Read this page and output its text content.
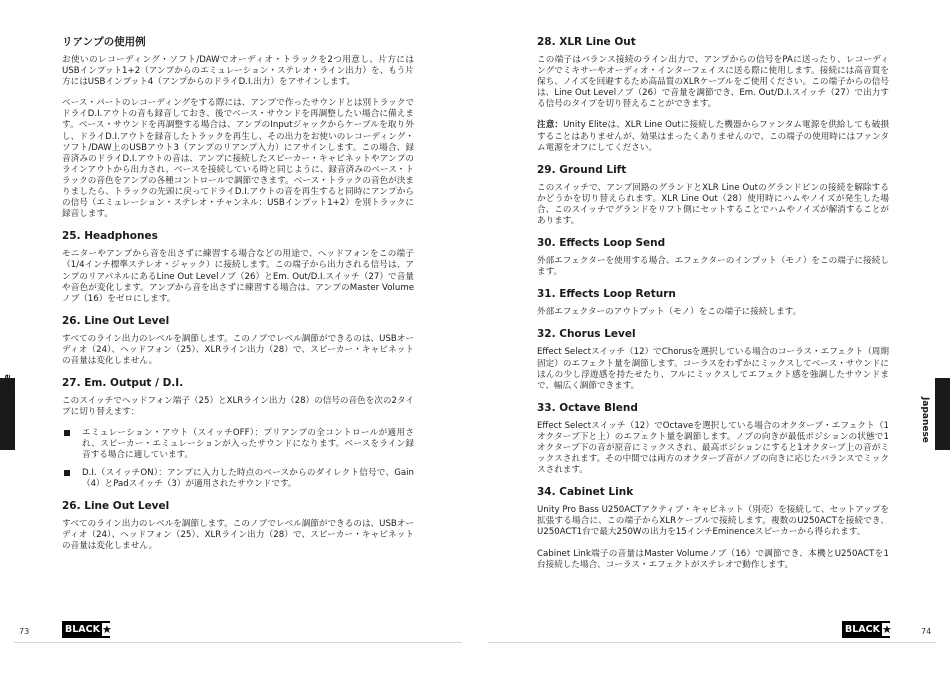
リアンプの使用例
お使いのレコーディング・ソフト/DAWでオーディオ・トラックを2つ用意し、片方にはUSBインプット1+2（アンプからのエミュレーション・ステレオ・ライン出力）を、もう片方にはUSBインプット4（アンプからのドライD.I.出力）をアサインします。
ベース・パートのレコーディングをする際には、アンプで作ったサウンドとは別トラックでドライD.I.アウトの音も録音しておき、後でベース・サウンドを再調整したい場合に備えます。ベース・サウンドを再調整する場合は、アンプのInputジャックからケーブルを取り外し、ドライD.I.アウトを録音したトラックを再生し、その出力をお使いのレコーディング・ソフト/DAW上のUSBアウト3（アンプのリアンプ入力）にアサインします。この場合、録音済みのドライD.I.アウトの音は、アンプに接続したスピーカー・キャビネットやアンプのラインアウトから出力され、ベースを接続している時と同じように、録音済みのベース・トラックの音色をアンプの各種コントロールで調節できます。ベース・トラックの音色が決まりましたら、トラックの先頭に戻ってドライD.I.アウトの音を再生すると同時にアンプからの信号（エミュレーション・ステレオ・チャンネル：USBインプット1+2）を別トラックに録音します。
25. Headphones
モニターやアンプから音を出さずに練習する場合などの用途で、ヘッドフォンをこの端子（1/4インチ標準ステレオ・ジャック）に接続します。この端子から出力される信号は、アンプのリアパネルにあるLine Out Levelノブ（26）とEm. Out/D.I.スイッチ（27）で音量や音色が変化します。アンプから音を出さずに練習する場合は、アンプのMaster Volumeノブ（16）をゼロにします。
26. Line Out Level
すべてのライン出力のレベルを調節します。このノブでレベル調節ができるのは、USBオーディオ（24）、ヘッドフォン（25）、XLRライン出力（28）で、スピーカー・キャビネットの音量は変化しません。
27. Em. Output / D.I.
このスイッチでヘッドフォン端子（25）とXLRライン出力（28）の信号の音色を次の2タイプに切り替えます：
エミュレーション・アウト（スイッチOFF）：プリアンプの全コントロールが適用され、スピーカー・エミュレーションが入ったサウンドになります。ベースをライン録音する場合に適しています。
D.I.（スイッチON）：アンプに入力した時点のベースからのダイレクト信号で、Gain（4）とPadスイッチ（3）が適用されたサウンドです。
26. Line Out Level
すべてのライン出力のレベルを調節します。このノブでレベル調節ができるのは、USBオーディオ（24）、ヘッドフォン（25）、XLRライン出力（28）で、スピーカー・キャビネットの音量は変化しません。
28. XLR Line Out
この端子はバランス接続のライン出力で、アンプからの信号をPAに送ったり、レコーディングでミキサーやオーディオ・インターフェイスに送る際に使用します。接続には高音質を保ち、ノイズを回避するため高品質のXLRケーブルをご使用ください。この端子からの信号は、Line Out Levelノブ（26）で音量を調節でき、Em. Out/D.I.スイッチ（27）で出力する信号のタイプを切り替えることができます。
注意：Unity Eliteは、XLR Line Outに接続した機器からファンタム電源を供給しても破損することはありませんが、効果はまったくありませんので、この端子の使用時にはファンタム電源をオフにしてください。
29. Ground Lift
このスイッチで、アンプ回路のグランドとXLR Line Outのグランドピンの接続を解除するかどうかを切り替えられます。XLR Line Out（28）使用時にハムやノイズが発生した場合、このスイッチでグランドをリフト側にセットすることでハムやノイズが解消することがあります。
30. Effects Loop Send
外部エフェクターを使用する場合、エフェクターのインプット（モノ）をこの端子に接続します。
31. Effects Loop Return
外部エフェクターのアウトプット（モノ）をこの端子に接続します。
32. Chorus Level
Effect Selectスイッチ（12）でChorusを選択している場合のコーラス・エフェクト（周期固定）のエフェクト量を調節します。コーラスをわずかにミックスしてベース・サウンドにほんの少し浮遊感を持たせたり、フルにミックスしてエフェクト感を強調したサウンドまで、幅広く調節できます。
33. Octave Blend
Effect Selectスイッチ（12）でOctaveを選択している場合のオクターブ・エフェクト（1オクターブ下と上）のエフェクト量を調節します。ノブの向きが最低ポジションの状態で1オクターブ下の音が原音にミックスされ、最高ポジションにすると1オクターブ上の音がミックスされます。その中間では両方のオクターブ音がノブの向きに応じたバランスでミックスされます。
34. Cabinet Link
Unity Pro Bass U250ACTアクティブ・キャビネット（別売）を接続して、セットアップを拡張する場合に、この端子からXLRケーブルで接続します。複数のU250ACTを接続でき、U250ACT1台で最大250Wの出力を15インチEminenceスピーカーから得られます。
Cabinet Link端子の音量はMaster Volumeノブ（16）で調節でき、本機とU250ACTを1台接続した場合、コーラス・エフェクトがステレオで動作します。
Japanese	Japanese
73	74
BLACK ★	BLACK ★
